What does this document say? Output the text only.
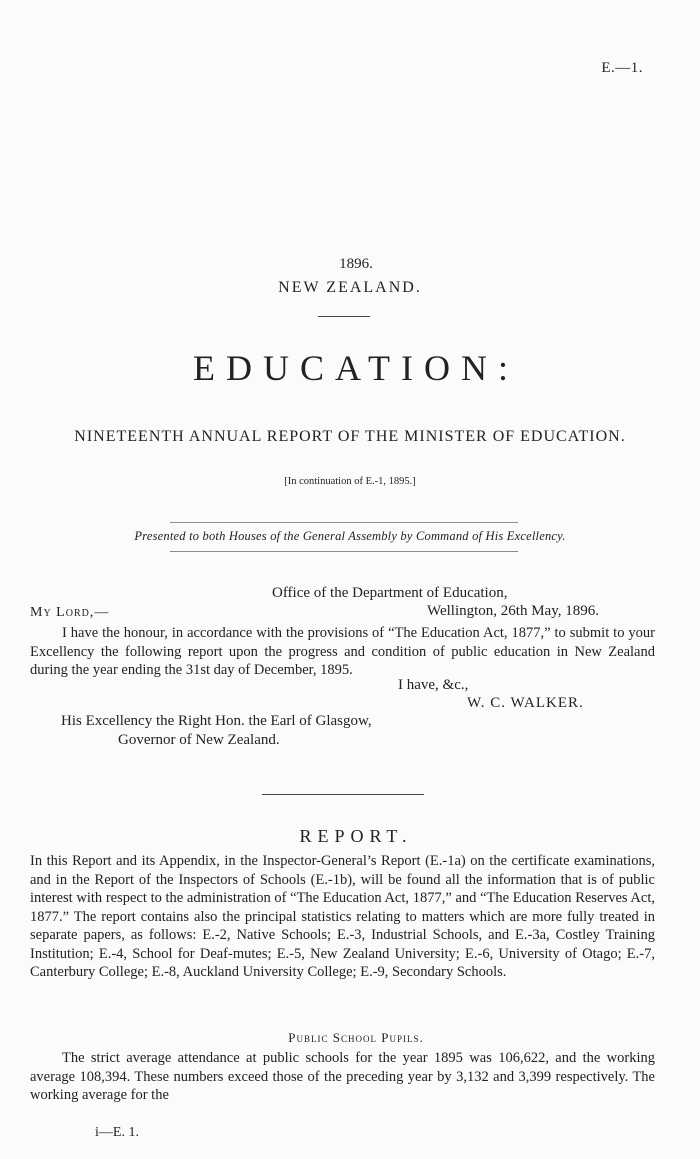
E.—1.
1896.
NEW ZEALAND.
EDUCATION:
NINETEENTH ANNUAL REPORT OF THE MINISTER OF EDUCATION.
[In continuation of E.-1, 1895.]
Presented to both Houses of the General Assembly by Command of His Excellency.
Office of the Department of Education,
My Lord,—	Wellington, 26th May, 1896.

I have the honour, in accordance with the provisions of “The Education Act, 1877,” to submit to your Excellency the following report upon the progress and condition of public education in New Zealand during the year ending the 31st day of December, 1895.

I have, &c.,
W. C. WALKER.
His Excellency the Right Hon. the Earl of Glasgow,
Governor of New Zealand.
REPORT.

In this Report and its Appendix, in the Inspector-General’s Report (E.-1a) on the certificate examinations, and in the Report of the Inspectors of Schools (E.-1b), will be found all the information that is of public interest with respect to the administration of “The Education Act, 1877,” and “The Education Reserves Act, 1877.” The report contains also the principal statistics relating to matters which are more fully treated in separate papers, as follows: E.-2, Native Schools; E.-3, Industrial Schools, and E.-3a, Costley Training Institution; E.-4, School for Deaf-mutes; E.-5, New Zealand University; E.-6, University of Otago; E.-7, Canterbury College; E.-8, Auckland University College; E.-9, Secondary Schools.

Public School Pupils.

The strict average attendance at public schools for the year 1895 was 106,622, and the working average 108,394. These numbers exceed those of the preceding year by 3,132 and 3,399 respectively. The working average for the

i—E. 1.
